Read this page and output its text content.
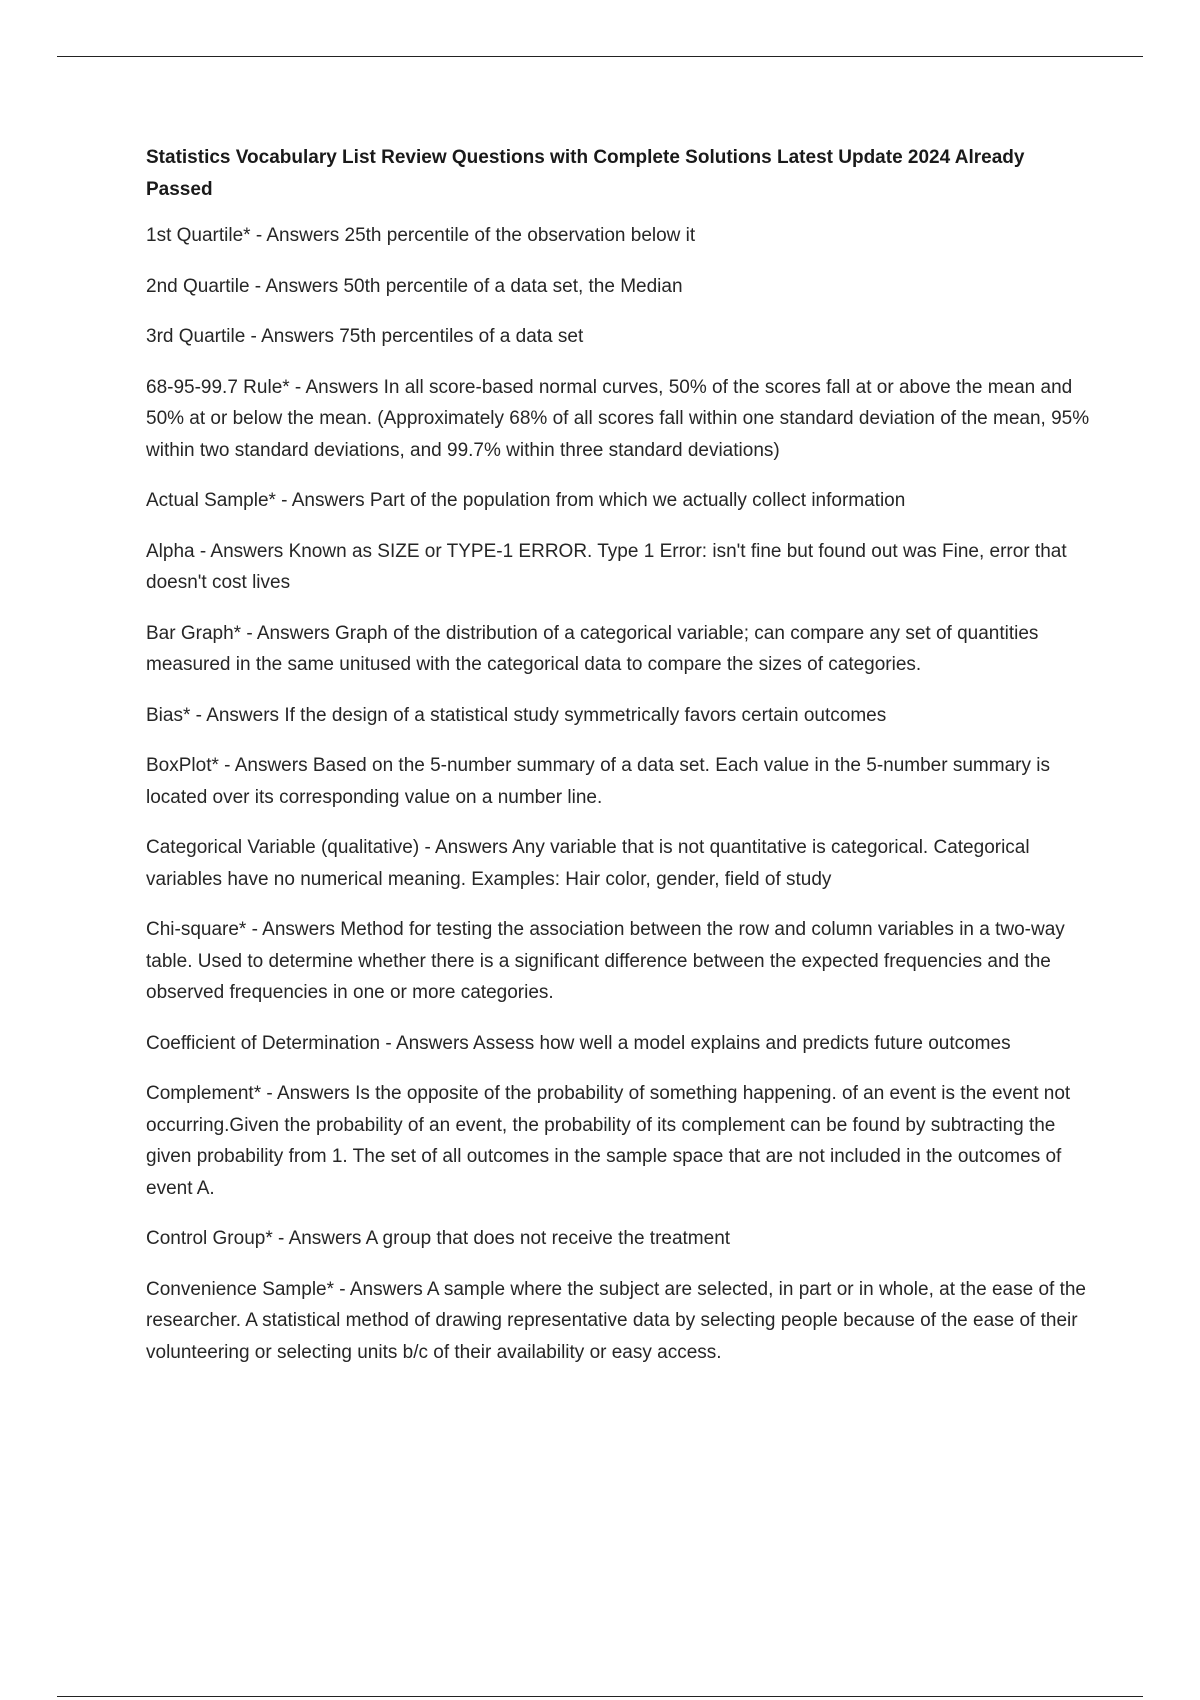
Statistics Vocabulary List Review Questions with Complete Solutions Latest Update 2024 Already Passed

1st Quartile* - Answers 25th percentile of the observation below it

2nd Quartile - Answers 50th percentile of a data set, the Median

3rd Quartile - Answers 75th percentiles of a data set

68-95-99.7 Rule* - Answers In all score-based normal curves, 50% of the scores fall at or above the mean and 50% at or below the mean. (Approximately 68% of all scores fall within one standard deviation of the mean, 95% within two standard deviations, and 99.7% within three standard deviations)

Actual Sample* - Answers Part of the population from which we actually collect information

Alpha - Answers Known as SIZE or TYPE-1 ERROR. Type 1 Error: isn't fine but found out was Fine, error that doesn't cost lives

Bar Graph* - Answers Graph of the distribution of a categorical variable; can compare any set of quantities measured in the same unitused with the categorical data to compare the sizes of categories.

Bias* - Answers If the design of a statistical study symmetrically favors certain outcomes

BoxPlot* - Answers Based on the 5-number summary of a data set. Each value in the 5-number summary is located over its corresponding value on a number line.

Categorical Variable (qualitative) - Answers Any variable that is not quantitative is categorical. Categorical variables have no numerical meaning. Examples: Hair color, gender, field of study

Chi-square* - Answers Method for testing the association between the row and column variables in a two-way table. Used to determine whether there is a significant difference between the expected frequencies and the observed frequencies in one or more categories.

Coefficient of Determination - Answers Assess how well a model explains and predicts future outcomes

Complement* - Answers Is the opposite of the probability of something happening. of an event is the event not occurring.Given the probability of an event, the probability of its complement can be found by subtracting the given probability from 1. The set of all outcomes in the sample space that are not included in the outcomes of event A.

Control Group* - Answers A group that does not receive the treatment

Convenience Sample* - Answers A sample where the subject are selected, in part or in whole, at the ease of the researcher. A statistical method of drawing representative data by selecting people because of the ease of their volunteering or selecting units b/c of their availability or easy access.
